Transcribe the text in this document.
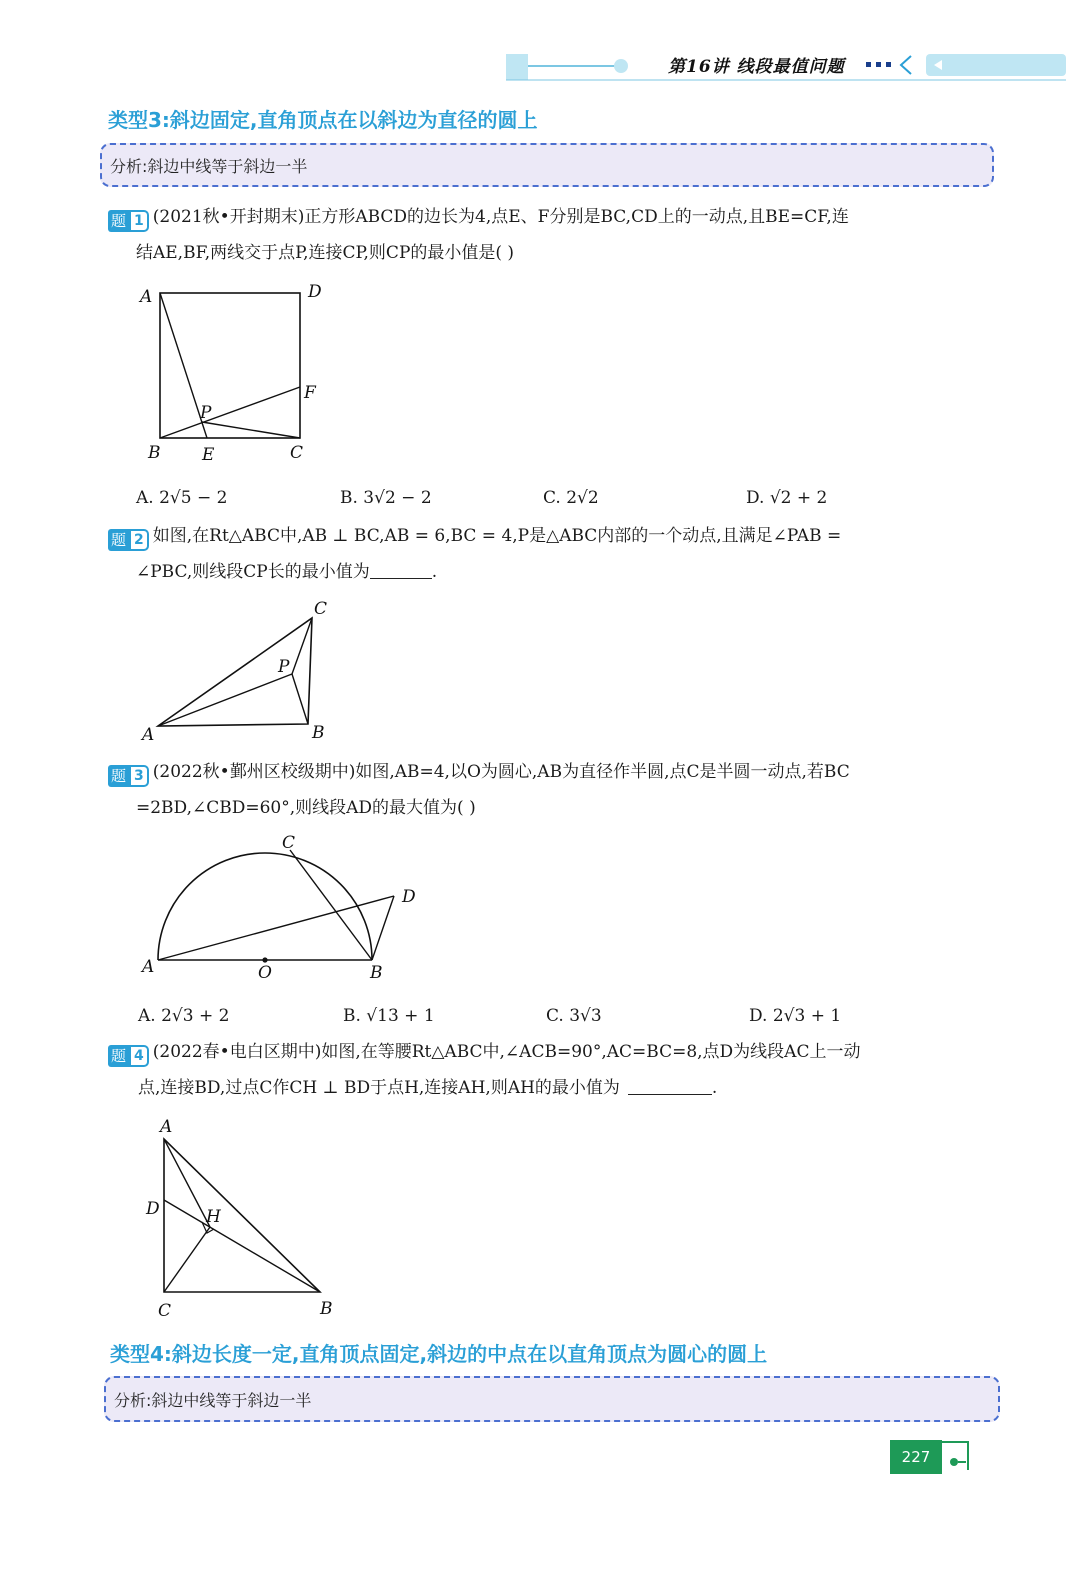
第16讲 线段最值问题
类型3:斜边固定,直角顶点在以斜边为直径的圆上
分析:斜边中线等于斜边一半
题 1 (2021秋•开封期末)正方形ABCD的边长为4,点E、F分别是BC,CD上的一动点,且BE=CF,连
结AE,BF,两线交于点P,连接CP,则CP的最小值是( )
A	D
F
P
B E	C
A. 2√5 − 2	B. 3√2 − 2	C. 2√2	D. √2 + 2
题 2 如图,在Rt△ABC中,AB ⊥ BC,AB = 6,BC = 4,P是△ABC内部的一个动点,且满足∠PAB =
∠PBC,则线段CP长的最小值为	.
C
P
A	B
题 3 (2022秋•鄞州区校级期中)如图,AB=4,以O为圆心,AB为直径作半圆,点C是半圆一动点,若BC
=2BD,∠CBD=60°,则线段AD的最大值为( )
C
D
A	O	B
A. 2√3 + 2	B. √13 + 1	C. 3√3	D. 2√3 + 1
题 4 (2022春•电白区期中)如图,在等腰Rt△ABC中,∠ACB=90°,AC=BC=8,点D为线段AC上一动
点,连接BD,过点C作CH ⊥ BD于点H,连接AH,则AH的最小值为	.
A
D	H
C	B
类型4:斜边长度一定,直角顶点固定,斜边的中点在以直角顶点为圆心的圆上
分析:斜边中线等于斜边一半
227
